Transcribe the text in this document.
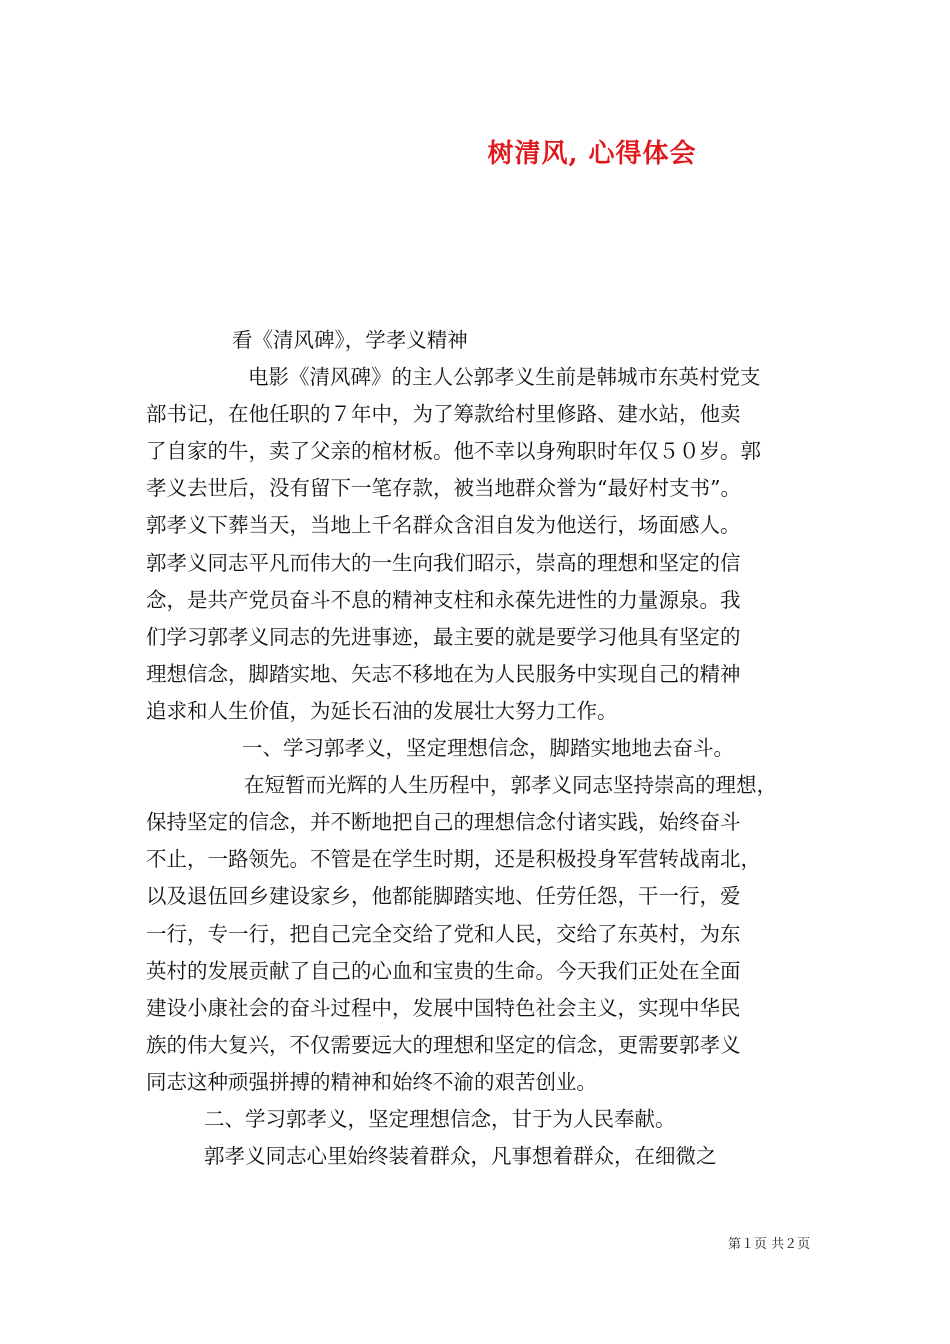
树清风, 心得体会
看《清风碑》，学孝义精神
电影《清风碑》的主人公郭孝义生前是韩城市东英村党支
部书记，在他任职的７年中，为了筹款给村里修路、建水站，他卖
了自家的牛，卖了父亲的棺材板。他不幸以身殉职时年仅５０岁。郭
孝义去世后，没有留下一笔存款，被当地群众誉为“最好村支书”。
郭孝义下葬当天，当地上千名群众含泪自发为他送行，场面感人。
郭孝义同志平凡而伟大的一生向我们昭示，崇高的理想和坚定的信
念，是共产党员奋斗不息的精神支柱和永葆先进性的力量源泉。我
们学习郭孝义同志的先进事迹，最主要的就是要学习他具有坚定的
理想信念，脚踏实地、矢志不移地在为人民服务中实现自己的精神
追求和人生价值，为延长石油的发展壮大努力工作。
一、学习郭孝义，坚定理想信念，脚踏实地地去奋斗。
在短暂而光辉的人生历程中，郭孝义同志坚持崇高的理想，
保持坚定的信念，并不断地把自己的理想信念付诸实践，始终奋斗
不止，一路领先。不管是在学生时期，还是积极投身军营转战南北，
以及退伍回乡建设家乡，他都能脚踏实地、任劳任怨，干一行，爱
一行，专一行，把自己完全交给了党和人民，交给了东英村，为东
英村的发展贡献了自己的心血和宝贵的生命。今天我们正处在全面
建设小康社会的奋斗过程中，发展中国特色社会主义，实现中华民
族的伟大复兴，不仅需要远大的理想和坚定的信念，更需要郭孝义
同志这种顽强拼搏的精神和始终不渝的艰苦创业。
二、学习郭孝义，坚定理想信念，甘于为人民奉献。
郭孝义同志心里始终装着群众，凡事想着群众，在细微之
第１页 共２页
